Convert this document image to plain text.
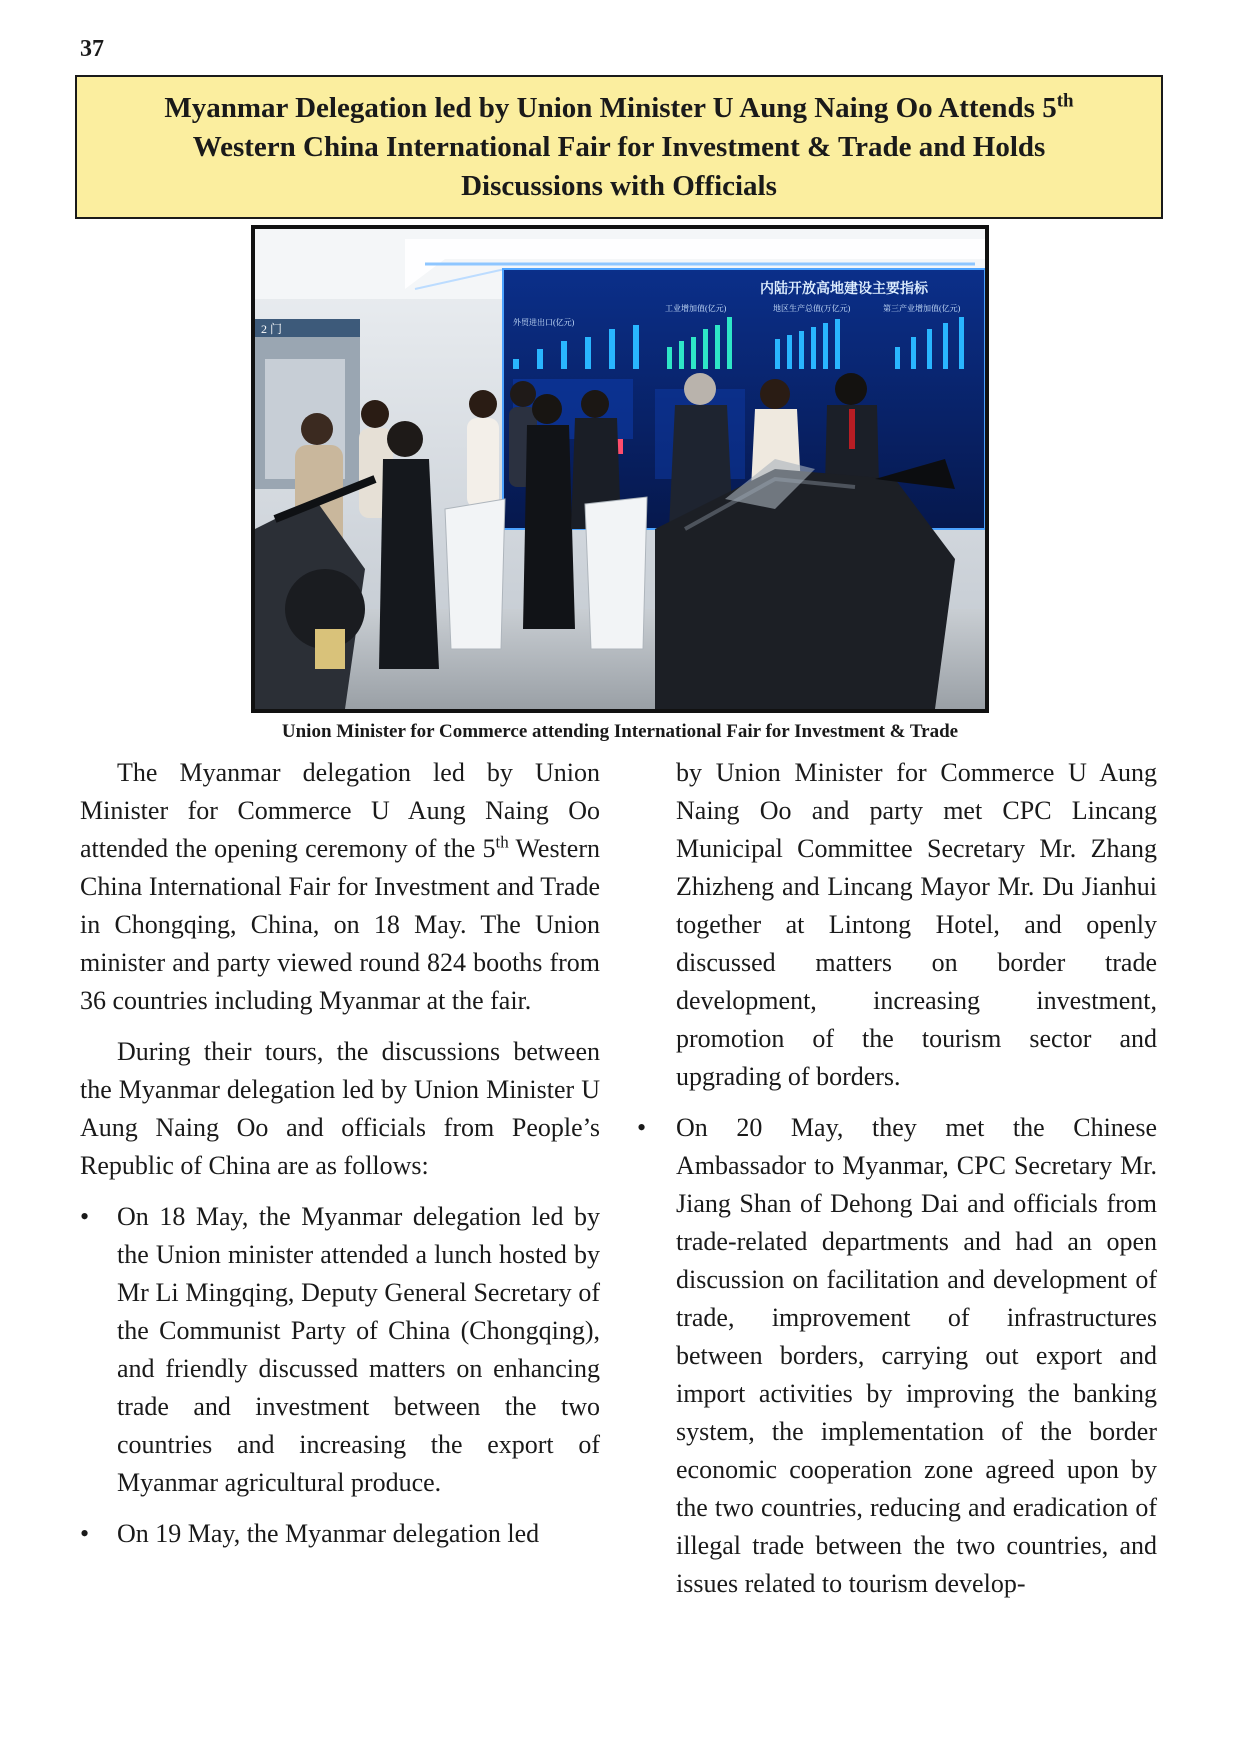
37
Myanmar Delegation led by Union Minister U Aung Naing Oo Attends 5th
Western China International Fair for Investment & Trade and Holds
Discussions with Officials
2 门
内陆开放高地建设主要指标
外贸进出口(亿元)
工业增加值(亿元)	地区生产总值(万亿元)	第三产业增加值(亿元)
Union Minister for Commerce attending International Fair for Investment & Trade

The Myanmar delegation led by Union Minister for Commerce U Aung Naing Oo attended the opening ceremony of the 5th Western China International Fair for Investment and Trade in Chongqing, China, on 18 May. The Union minister and party viewed round 824 booths from 36 countries including Myanmar at the fair.

During their tours, the discussions between the Myanmar delegation led by Union Minister U Aung Naing Oo and officials from People’s Republic of China are as follows:

• On 18 May, the Myanmar delegation led by the Union minister attended a lunch hosted by Mr Li Mingqing, Deputy General Secretary of the Communist Party of China (Chongqing), and friendly discussed matters on enhancing trade and investment between the two countries and increasing the export of Myanmar agricultural produce.
• On 19 May, the Myanmar delegation led

by Union Minister for Commerce U Aung Naing Oo and party met CPC Lincang Municipal Committee Secretary Mr. Zhang Zhizheng and Lincang Mayor Mr. Du Jianhui together at Lintong Hotel, and openly discussed matters on border trade development, increasing investment, promotion of the tourism sector and upgrading of borders.

• On 20 May, they met the Chinese Ambassador to Myanmar, CPC Secretary Mr. Jiang Shan of Dehong Dai and officials from trade-related departments and had an open discussion on facilitation and development of trade, improvement of infrastructures between borders, carrying out export and import activities by improving the banking system, the implementation of the border economic cooperation zone agreed upon by the two countries, reducing and eradication of illegal trade between the two countries, and issues related to tourism develop-
